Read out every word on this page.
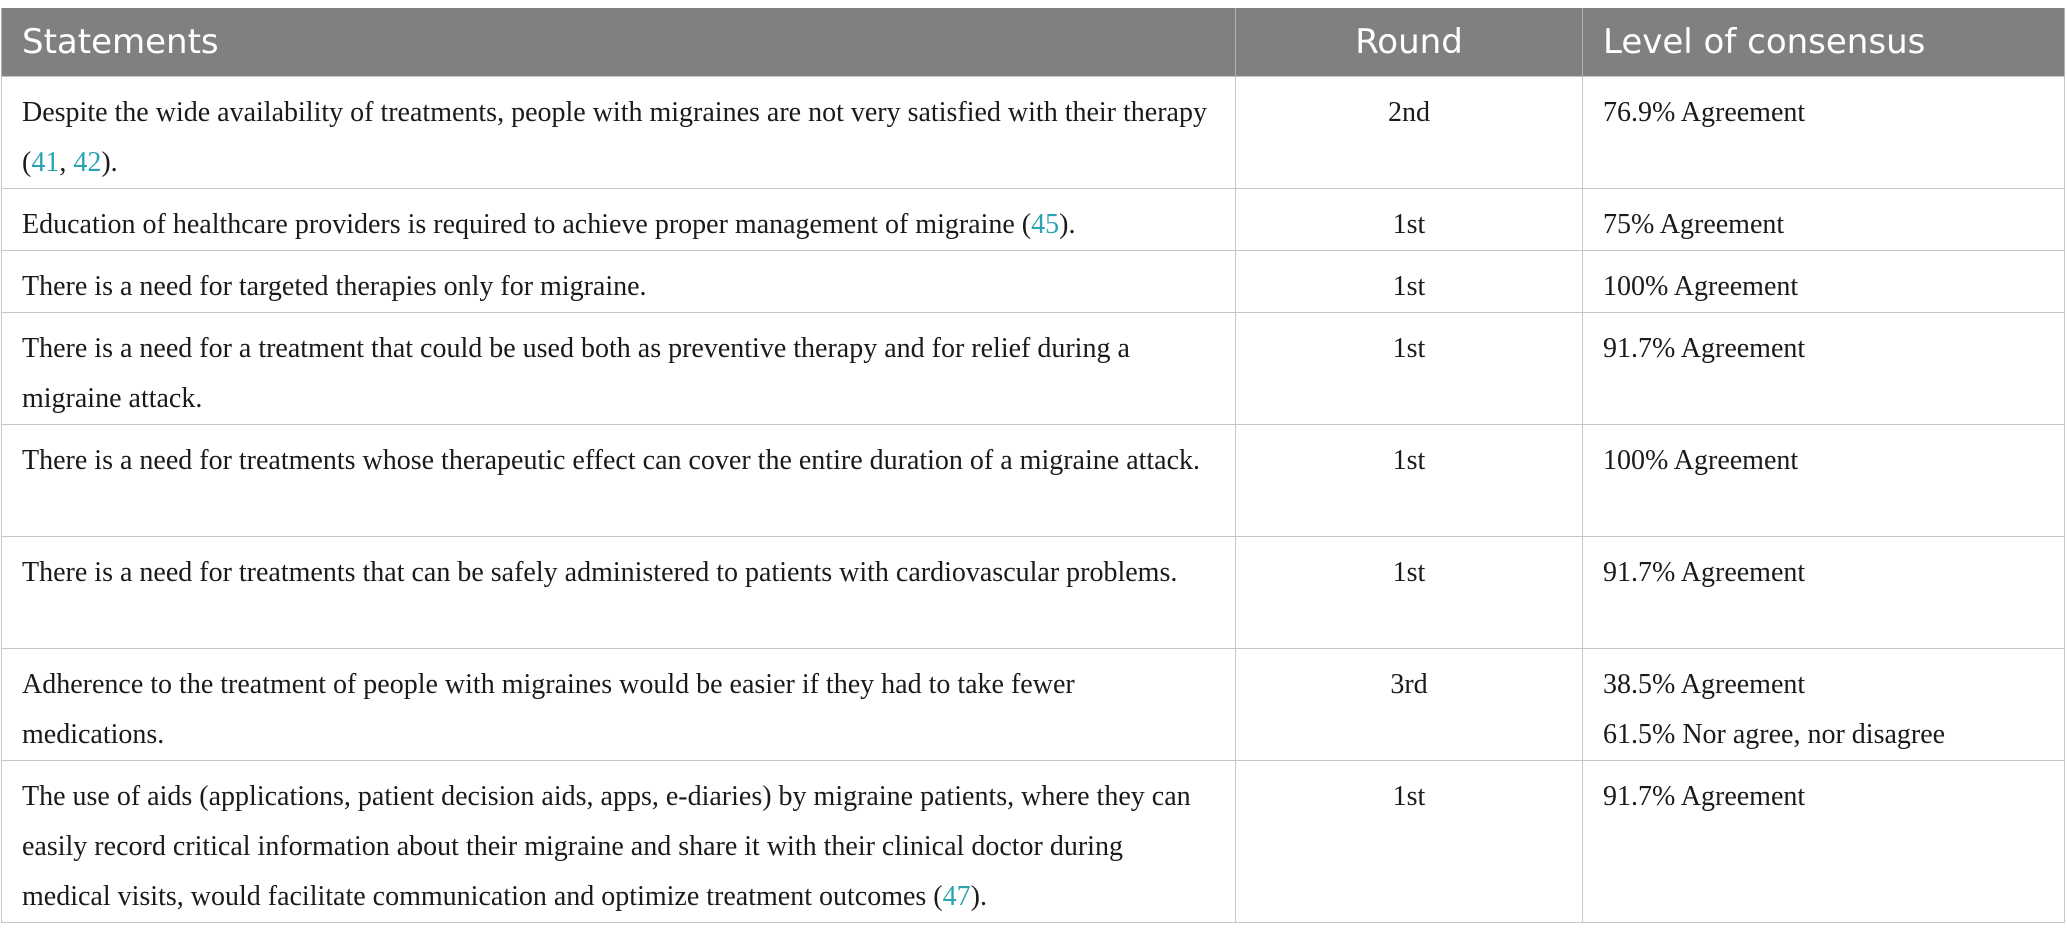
Statements	Round	Level of consensus
Despite the wide availability of treatments, people with migraines are not very satisfied with their therapy (41, 42).	2nd	76.9% Agreement

Education of healthcare providers is required to achieve proper management of migraine (45).	1st	75% Agreement

There is a need for targeted therapies only for migraine.	1st	100% Agreement

There is a need for a treatment that could be used both as preventive therapy and for relief during a migraine attack.	1st	91.7% Agreement

There is a need for treatments whose therapeutic effect can cover the entire duration of a migraine attack.	1st	100% Agreement

There is a need for treatments that can be safely administered to patients with cardiovascular problems.	1st	91.7% Agreement

Adherence to the treatment of people with migraines would be easier if they had to take fewer medications.	3rd	38.5% Agreement
61.5% Nor agree, nor disagree

The use of aids (applications, patient decision aids, apps, e-diaries) by migraine patients, where they can easily record critical information about their migraine and share it with their clinical doctor during medical visits, would facilitate communication and optimize treatment outcomes (47).	1st	91.7% Agreement
